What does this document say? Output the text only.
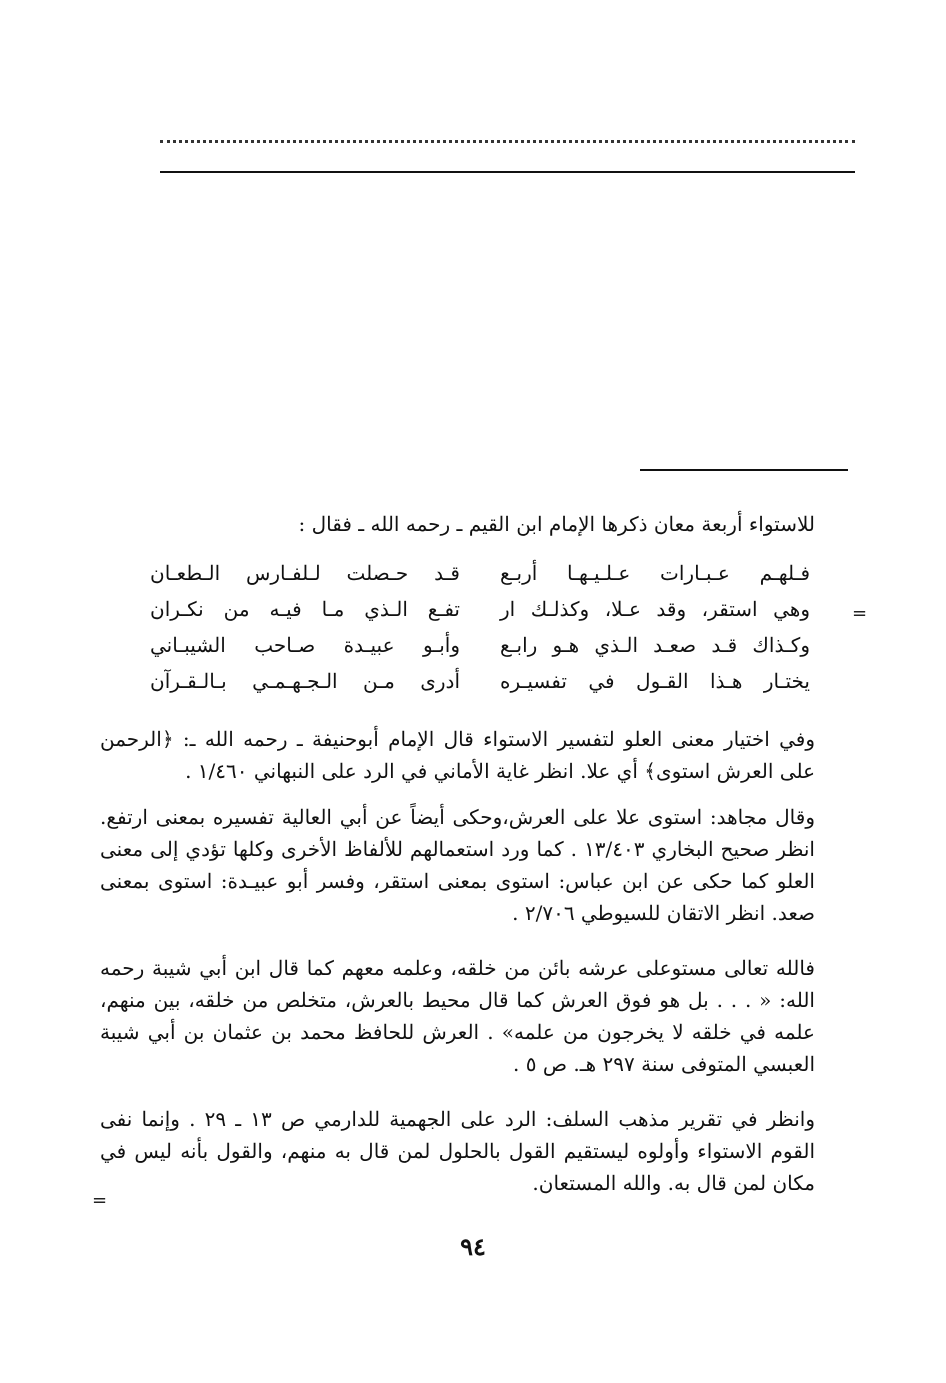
للاستواء أربعة معان ذكرها الإمام ابن القيم ـ رحمه الله ـ فقال :

فـلهـم عـبـارات عـلـيـهـا أربـع
قـد حـصلت لـلفـارس الـطعـان
وهي استقر، وقد عـلا، وكذلـك ار
تفـع الـذي مـا فيـه من نكـران
وكـذاك قـد صعـد الـذي هـو رابـع
وأبـو عبيـدة صـاحب الشيبـاني
يختـار هـذا القـول في تفسيـره
أدرى مـن الـجـهـمـي بـالـقـرآن

وفي اختيار معنى العلو لتفسير الاستواء قال الإمام أبوحنيفة ـ رحمه الله ـ: ﴿الرحمن على العرش استوى﴾ أي علا. انظر غاية الأماني في الرد على النبهاني ١/٤٦٠ .

وقال مجاهد: استوى علا على العرش،وحكى أيضاً عن أبي العالية تفسيره بمعنى ارتفع. انظر صحيح البخاري ١٣/٤٠٣ . كما ورد استعمالهم للألفاظ الأخرى وكلها تؤدي إلى معنى العلو كما حكى عن ابن عباس: استوى بمعنى استقر، وفسر أبو عبيـدة: استوى بمعنى صعد. انظر الاتقان للسيوطي ٢/٧٠٦ .

فالله تعالى مستوعلى عرشه بائن من خلقه، وعلمه معهم كما قال ابن أبي شيبة رحمه الله: « . . . بل هو فوق العرش كما قال محيط بالعرش، متخلص من خلقه، بين منهم، علمه في خلقه لا يخرجون من علمه» . العرش للحافظ محمد بن عثمان بن أبي شيبة العبسي المتوفى سنة ٢٩٧ هـ. ص ٥ .

وانظر في تقرير مذهب السلف: الرد على الجهمية للدارمي ص ١٣ ـ ٢٩ . وإنما نفى القوم الاستواء وأولوه ليستقيم القول بالحلول لمن قال به منهم، والقول بأنه ليس في مكان لمن قال به. والله المستعان.

=
=
٩٤
